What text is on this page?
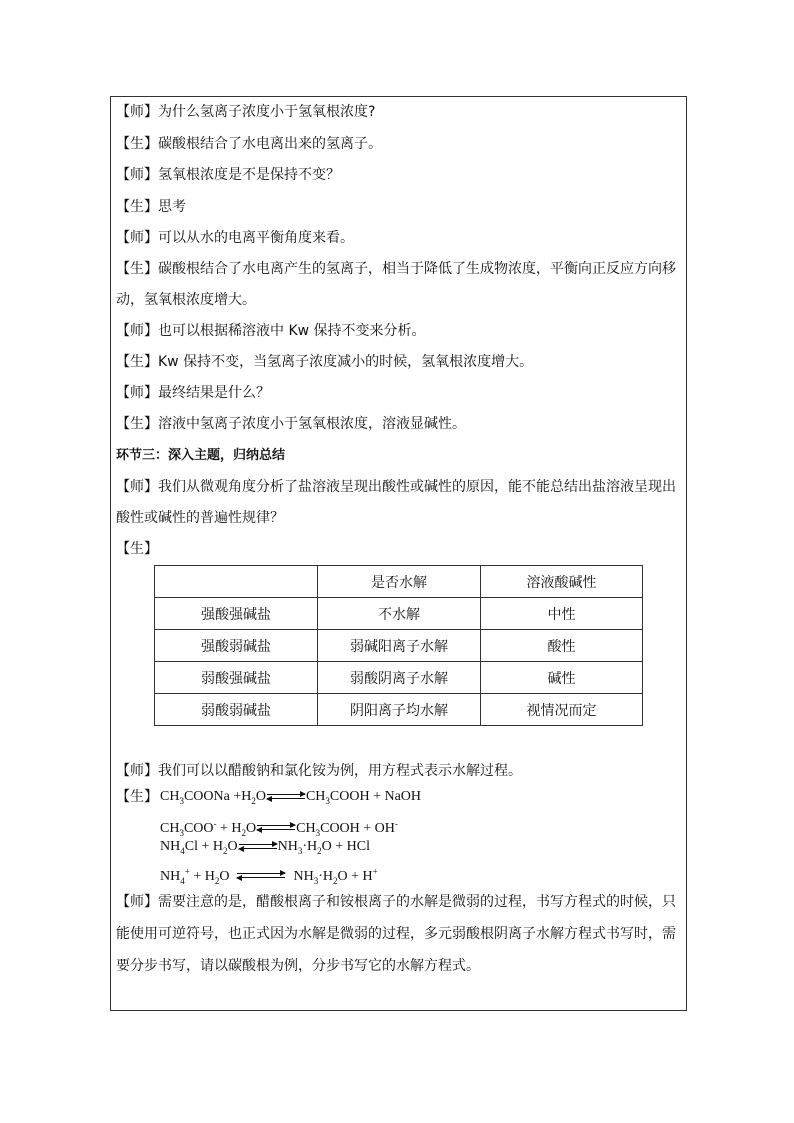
【师】为什么氢离子浓度小于氢氧根浓度?
【生】碳酸根结合了水电离出来的氢离子。
【师】氢氧根浓度是不是保持不变？
【生】思考
【师】可以从水的电离平衡角度来看。
【生】碳酸根结合了水电离产生的氢离子，相当于降低了生成物浓度，平衡向正反应方向移
动，氢氧根浓度增大。
【师】也可以根据稀溶液中 Kw 保持不变来分析。
【生】Kw 保持不变，当氢离子浓度减小的时候，氢氧根浓度增大。
【师】最终结果是什么？
【生】溶液中氢离子浓度小于氢氧根浓度，溶液显碱性。
环节三：深入主题，归纳总结
【师】我们从微观角度分析了盐溶液呈现出酸性或碱性的原因，能不能总结出盐溶液呈现出
酸性或碱性的普遍性规律？
【生】
	是否水解	溶液酸碱性
强酸强碱盐	不水解	中性
强酸弱碱盐	弱碱阳离子水解	酸性
弱酸强碱盐	弱酸阴离子水解	碱性
弱酸弱碱盐	阴阳离子均水解	视情况而定
【师】我们可以以醋酸钠和氯化铵为例，用方程式表示水解过程。
【生】 $CH_3COONa +H_2O$	$CH_3COOH$ + NaOH
$CH_3COO^- + H_2O$	$CH_3COOH + OH^-$
$NH_4Cl + H_2O$	$NH_3\cdot H_2O$ + HCl
$NH_4^+ + H_2O$	$NH_3\cdot H_2O + H^+$
【师】需要注意的是，醋酸根离子和铵根离子的水解是微弱的过程，书写方程式的时候，只
能使用可逆符号，也正式因为水解是微弱的过程，多元弱酸根阴离子水解方程式书写时，需
要分步书写，请以碳酸根为例，分步书写它的水解方程式。
